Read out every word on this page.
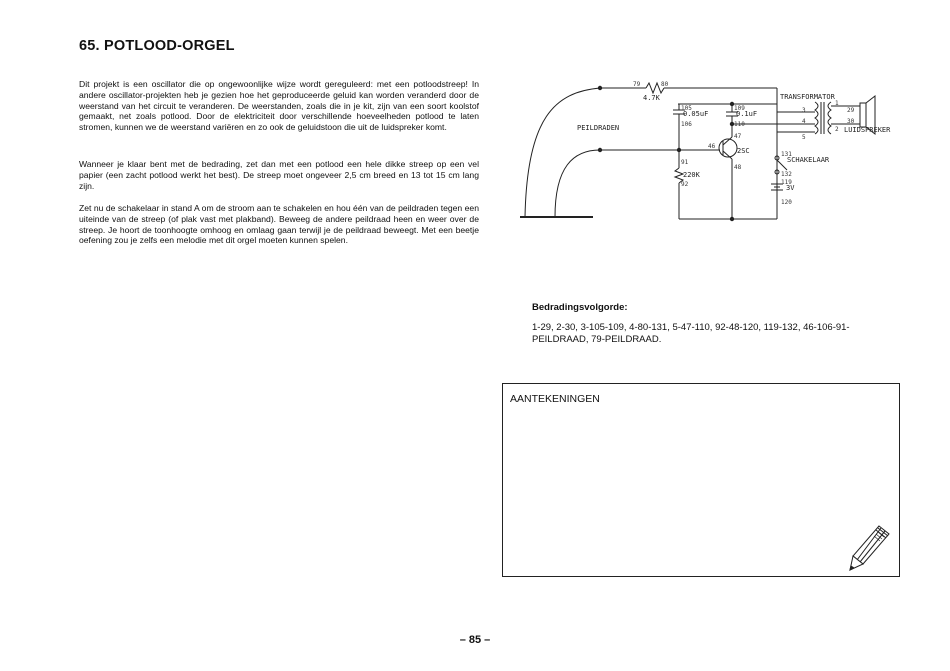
65. POTLOOD-ORGEL
Dit projekt is een oscillator die op ongewoonlijke wijze wordt gereguleerd: met een potloodstreep! In andere oscillator-projekten heb je gezien hoe het geproduceerde geluid kan worden veranderd door de weerstand van het circuit te veranderen. De weerstanden, zoals die in je kit, zijn van een soort koolstof gemaakt, net zoals potlood. Door de elektriciteit door verschillende hoeveelheden potlood te laten stromen, kunnen we de weerstand variëren en zo ook de geluidstoon die uit de luidspreker komt.
Wanneer je klaar bent met de bedrading, zet dan met een potlood een hele dikke streep op een vel papier (een zacht potlood werkt het best). De streep moet ongeveer 2,5 cm breed en 13 tot 15 cm lang zijn.
Zet nu de schakelaar in stand A om de stroom aan te schakelen en hou één van de peildraden tegen een uiteinde van de streep (of plak vast met plakband). Beweeg de andere peildraad heen en weer over de streep. Je hoort de toonhoogte omhoog en omlaag gaan terwijl je de peildraad beweegt. Met een beetje oefening zou je zelfs een melodie met dit orgel moeten kunnen spelen.
PEILDRADEN
TRANSFORMATOR
LUIDSPREKER
SCHAKELAAR
2SC
4.7K
220K
0.05uF	0.1uF
3V
79	80
105
106
109
110
47
46
48
91
92
3
4
5
1
2
29
30
131
132
119
120
Bedradingsvolgorde:
1-29, 2-30, 3-105-109, 4-80-131, 5-47-110, 92-48-120, 119-132, 46-106-91-PEILDRAAD, 79-PEILDRAAD.
AANTEKENINGEN
– 85 –
